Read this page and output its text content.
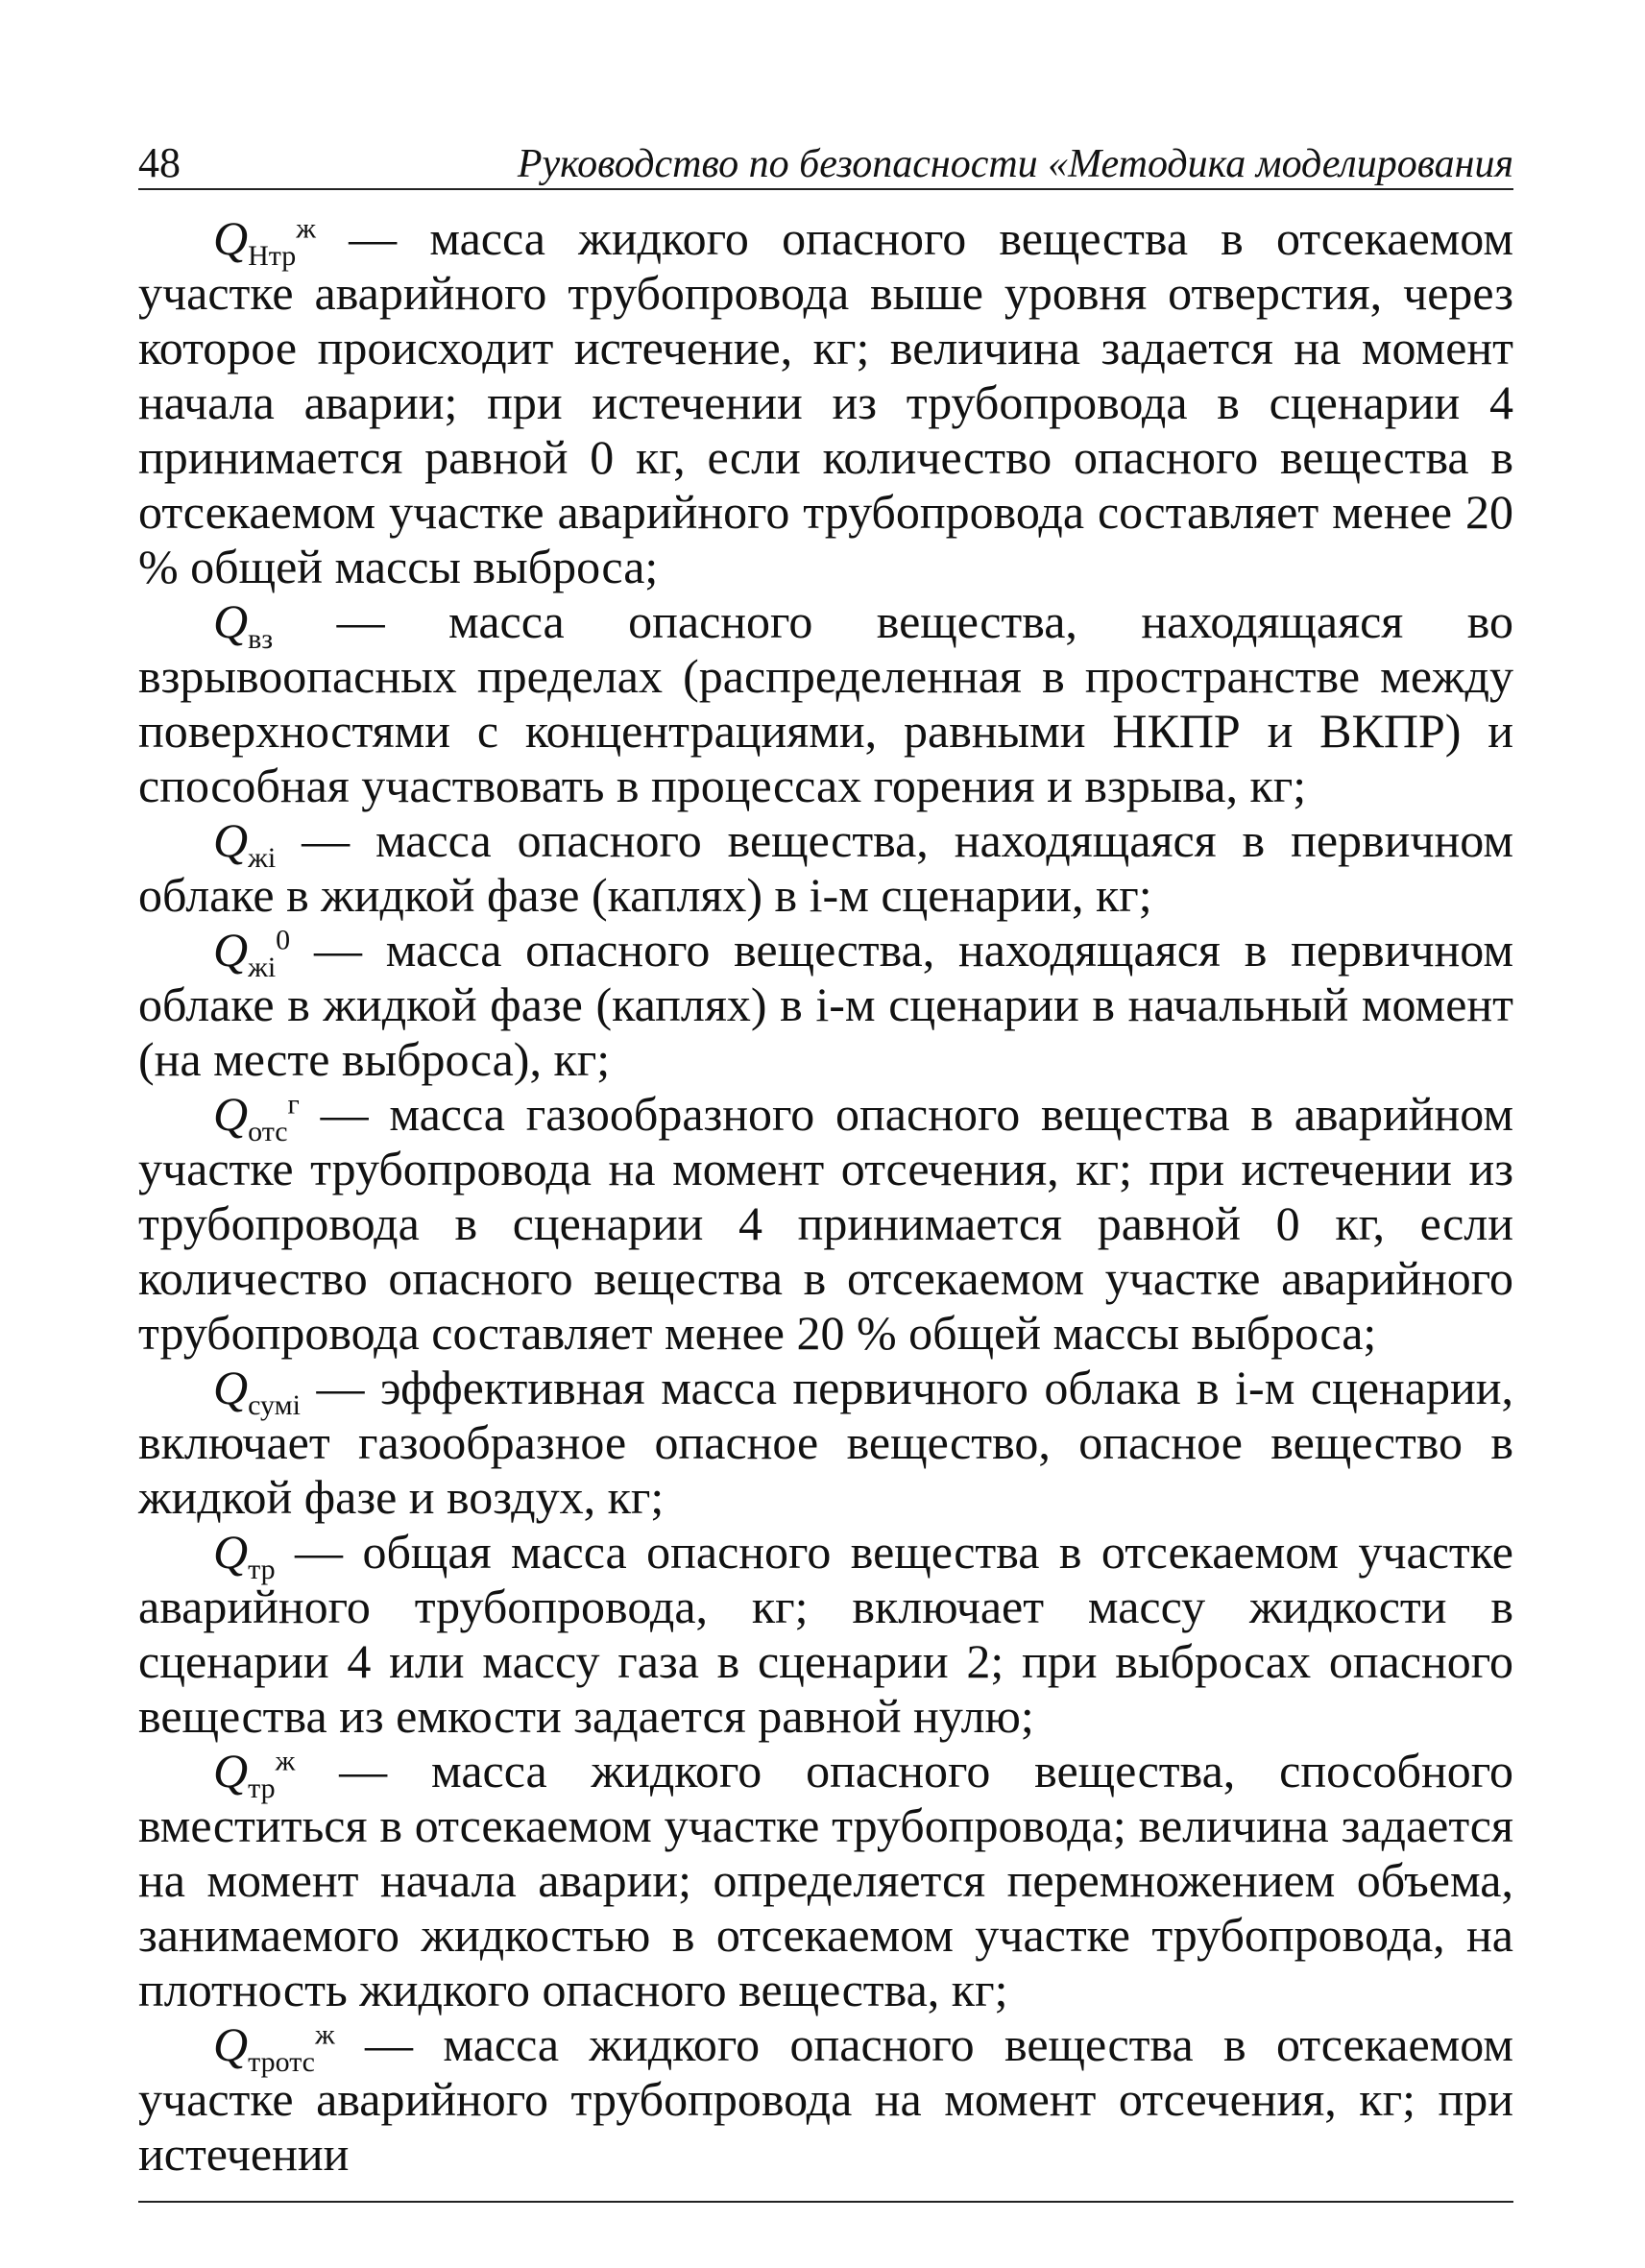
48	Руководство по безопасности «Методика моделирования

$Q_{Нтр}^ж$ — масса жидкого опасного вещества в отсекаемом участке аварийного трубопровода выше уровня отверстия, через которое происходит истечение, кг; величина задается на момент начала аварии; при истечении из трубопровода в сценарии 4 принимается равной 0 кг, если количество опасного вещества в отсекаемом участке аварийного трубопровода составляет менее 20 % общей массы выброса;

$Q_{вз}$ — масса опасного вещества, находящаяся во взрывоопасных пределах (распределенная в пространстве между поверхностями с концентрациями, равными НКПР и ВКПР) и способная участвовать в процессах горения и взрыва, кг;

$Q_{жi}$ — масса опасного вещества, находящаяся в первичном облаке в жидкой фазе (каплях) в i-м сценарии, кг;

$Q_{жi}^0$ — масса опасного вещества, находящаяся в первичном облаке в жидкой фазе (каплях) в i-м сценарии в начальный момент (на месте выброса), кг;

$Q_{отс}^г$ — масса газообразного опасного вещества в аварийном участке трубопровода на момент отсечения, кг; при истечении из трубопровода в сценарии 4 принимается равной 0 кг, если количество опасного вещества в отсекаемом участке аварийного трубопровода составляет менее 20 % общей массы выброса;

$Q_{сумi}$ — эффективная масса первичного облака в i-м сценарии, включает газообразное опасное вещество, опасное вещество в жидкой фазе и воздух, кг;

$Q_{тр}$ — общая масса опасного вещества в отсекаемом участке аварийного трубопровода, кг; включает массу жидкости в сценарии 4 или массу газа в сценарии 2; при выбросах опасного вещества из емкости задается равной нулю;

$Q_{тр}^ж$ — масса жидкого опасного вещества, способного вместиться в отсекаемом участке трубопровода; величина задается на момент начала аварии; определяется перемножением объема, занимаемого жидкостью в отсекаемом участке трубопровода, на плотность жидкого опасного вещества, кг;

$Q_{тротс}^ж$ — масса жидкого опасного вещества в отсекаемом участке аварийного трубопровода на момент отсечения, кг; при истечении
